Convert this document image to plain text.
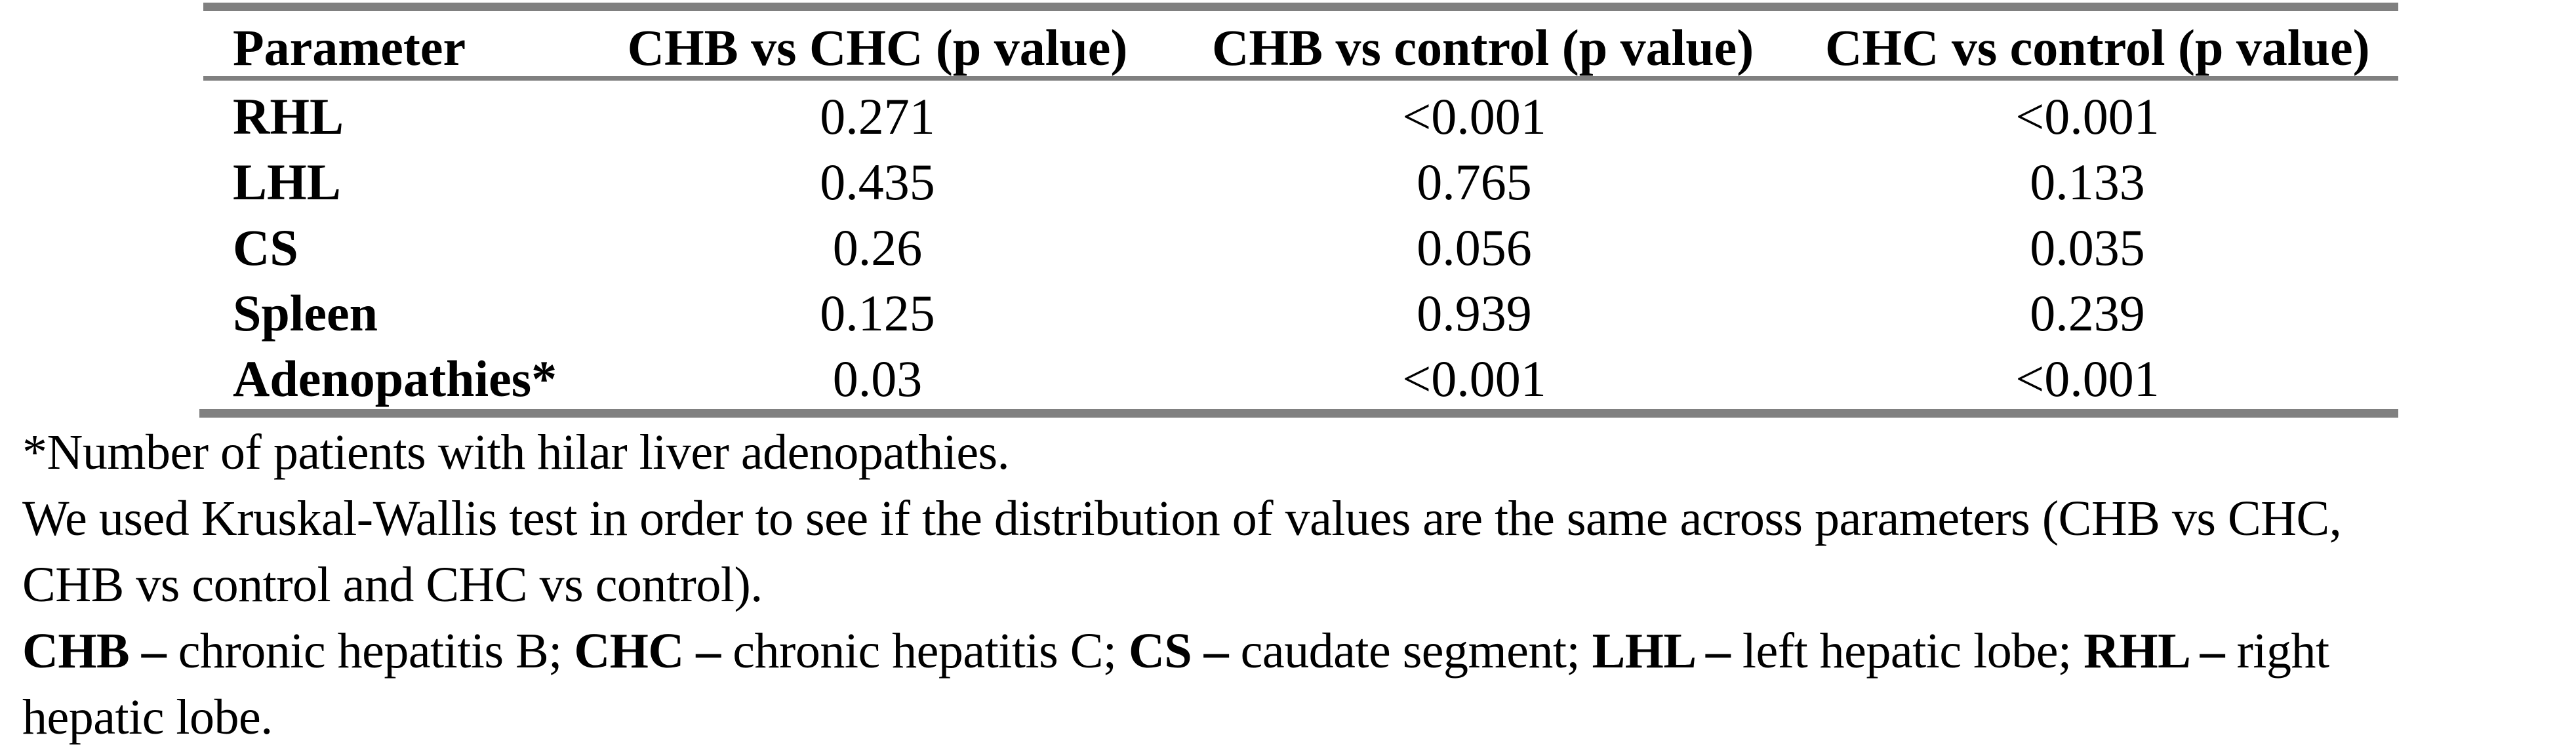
Parameter	CHB vs CHC (p value) CHB vs control (p value) CHC vs control (p value)
RHL	0.271	<0.001	<0.001
LHL	0.435	0.765	0.133
CS	0.26	0.056	0.035
Spleen	0.125	0.939	0.239
Adenopathies*	0.03	<0.001	<0.001
*Number of patients with hilar liver adenopathies.
We used Kruskal-Wallis test in order to see if the distribution of values are the same across parameters (CHB vs CHC,
CHB vs control and CHC vs control).
CHB – chronic hepatitis B; CHC – chronic hepatitis C; CS – caudate segment; LHL – left hepatic lobe; RHL – right
hepatic lobe.
